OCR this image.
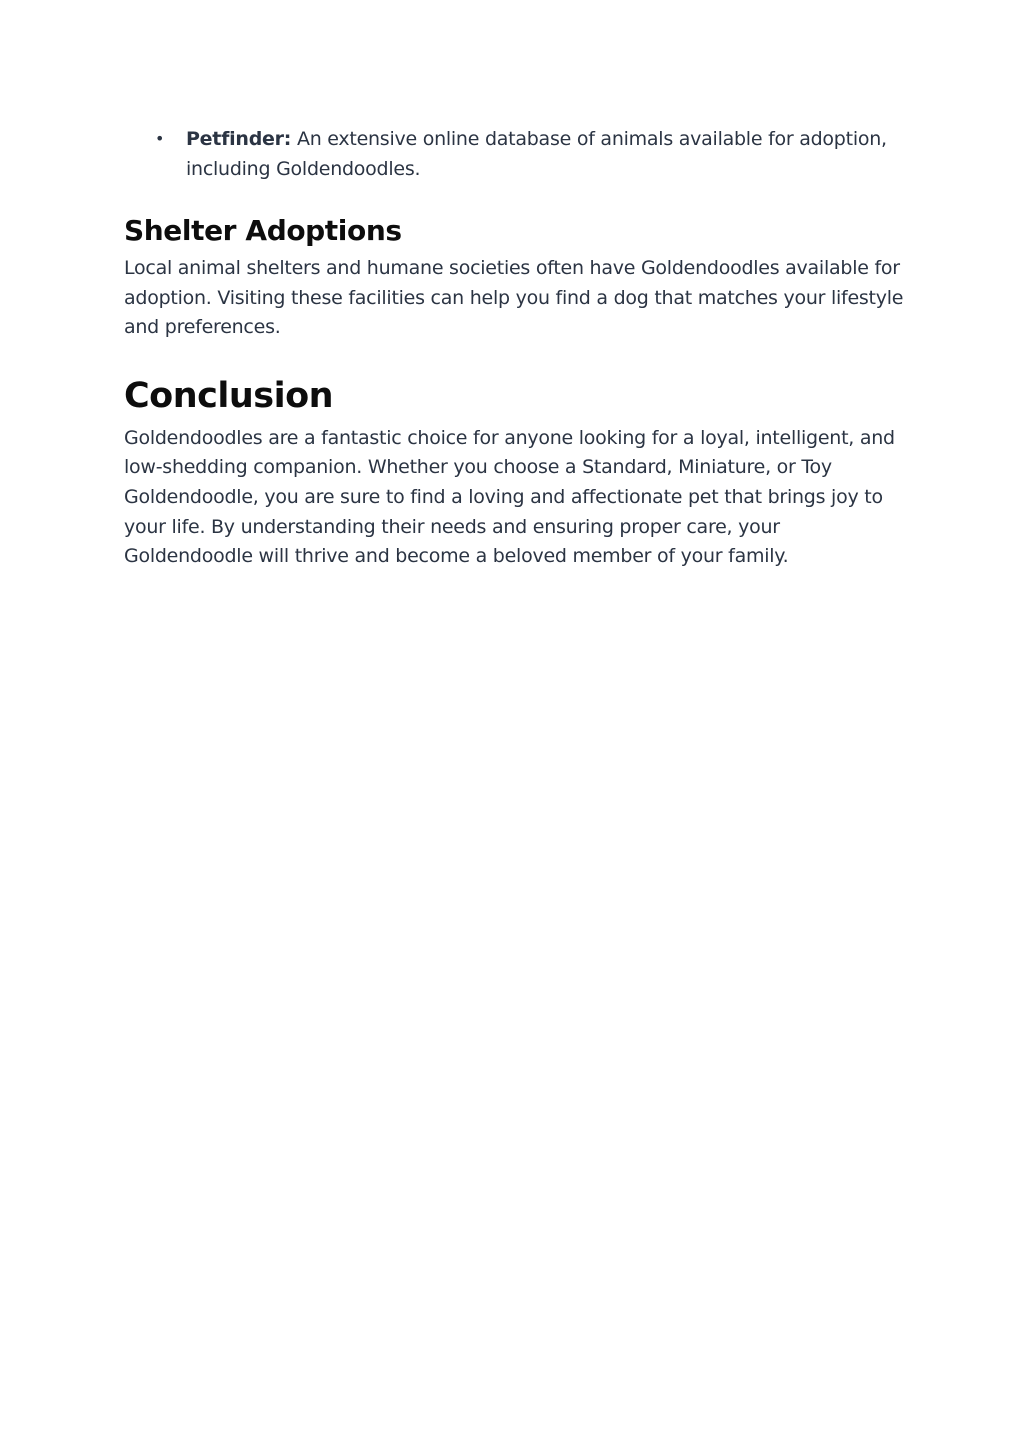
• Petfinder: An extensive online database of animals available for adoption, including Goldendoodles.
Shelter Adoptions

Local animal shelters and humane societies often have Goldendoodles available for adoption. Visiting these facilities can help you find a dog that matches your lifestyle and preferences.

Conclusion

Goldendoodles are a fantastic choice for anyone looking for a loyal, intelligent, and low-shedding companion. Whether you choose a Standard, Miniature, or Toy Goldendoodle, you are sure to find a loving and affectionate pet that brings joy to your life. By understanding their needs and ensuring proper care, your Goldendoodle will thrive and become a beloved member of your family.
